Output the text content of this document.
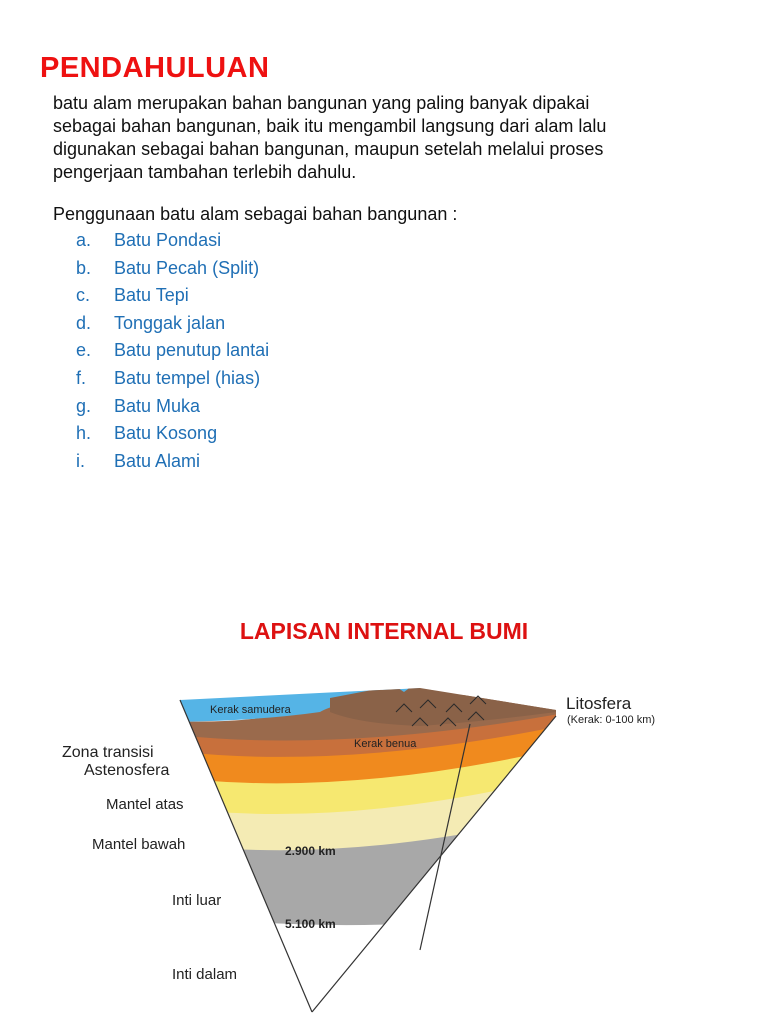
PENDAHULUAN

batu alam merupakan bahan bangunan yang paling banyak dipakai
sebagai bahan bangunan, baik itu mengambil langsung dari alam lalu
digunakan sebagai bahan bangunan, maupun setelah melalui proses
pengerjaan tambahan terlebih dahulu.

Penggunaan batu alam sebagai bahan bangunan :
a. Batu Pondasi
b. Batu Pecah (Split)
c. Batu Tepi
d. Tonggak jalan
e. Batu penutup lantai
f. Batu tempel (hias)
g. Batu Muka
h. Batu Kosong
i. Batu Alami
LAPISAN INTERNAL BUMI
Kerak samudera
Kerak benua
Litosfera
(Kerak: 0-100 km)
Zona transisi
Astenosfera
Mantel atas
Mantel bawah	2.900 km
Inti luar
5.100 km
Inti dalam
